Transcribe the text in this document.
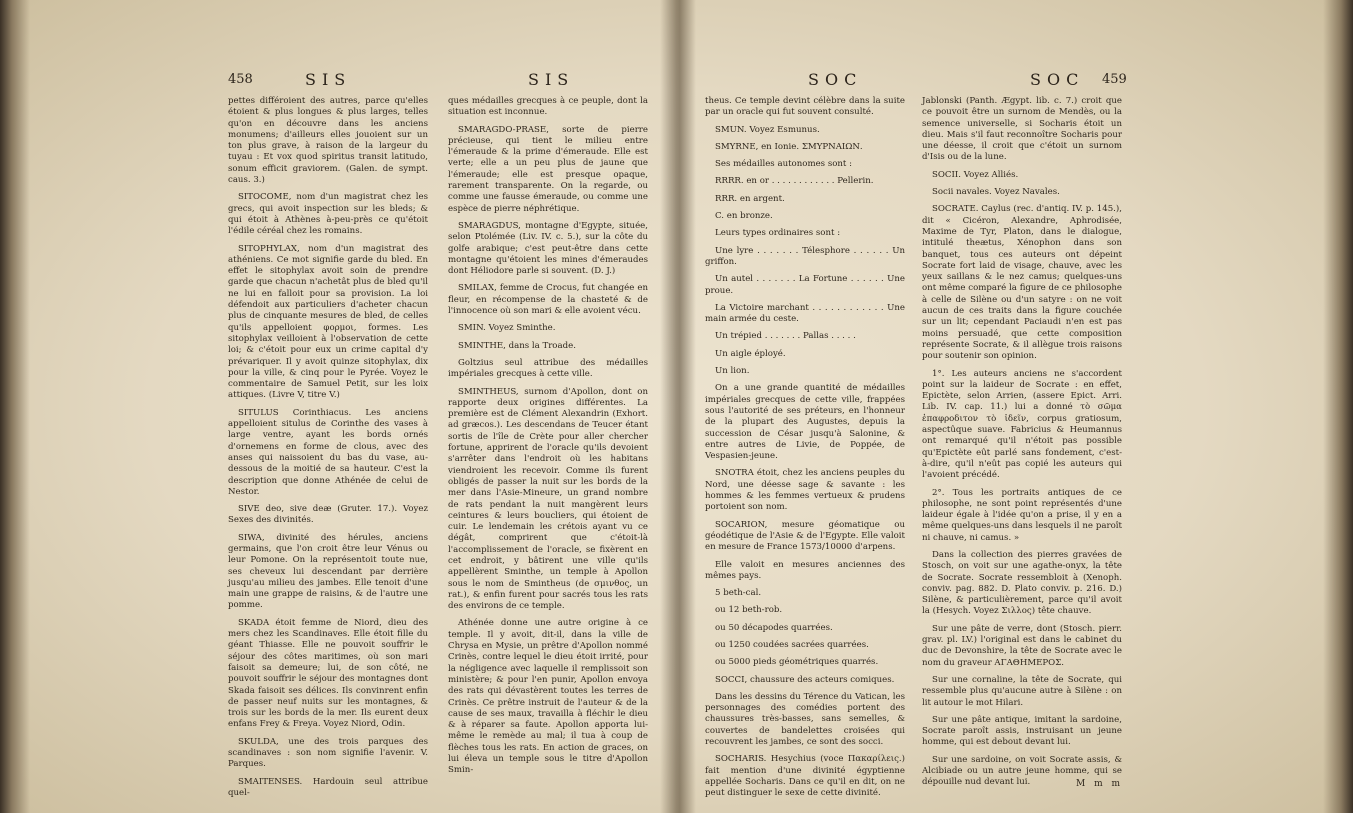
458	SIS	SIS

pettes différoient des autres, parce qu'elles étoient & plus longues & plus larges, telles qu'on en découvre dans les anciens monumens; d'ailleurs elles jouoient sur un ton plus grave, à raison de la largeur du tuyau : Et vox quod spiritus transit latitudo, sonum efficit graviorem. (Galen. de sympt. caus. 3.)

SITOCOME, nom d'un magistrat chez les grecs, qui avoit inspection sur les bleds; & qui étoit à Athènes à-peu-près ce qu'étoit l'édile céréal chez les romains.

SITOPHYLAX, nom d'un magistrat des athéniens. Ce mot signifie garde du bled. En effet le sitophylax avoit soin de prendre garde que chacun n'achetât plus de bled qu'il ne lui en falloit pour sa provision. La loi défendoit aux particuliers d'acheter chacun plus de cinquante mesures de bled, de celles qu'ils appelloient φορμοι, formes. Les sitophylax veilloient à l'observation de cette loi; & c'étoit pour eux un crime capital d'y prévariquer. Il y avoit quinze sitophylax, dix pour la ville, & cinq pour le Pyrée. Voyez le commentaire de Samuel Petit, sur les loix attiques. (Livre V, titre V.)

SITULUS Corinthiacus. Les anciens appelloient situlus de Corinthe des vases à large ventre, ayant les bords ornés d'ornemens en forme de clous, avec des anses qui naissoient du bas du vase, au-dessous de la moitié de sa hauteur. C'est la description que donne Athénée de celui de Nestor.

SIVE deo, sive deæ (Gruter. 17.). Voyez Sexes des divinités.

SIWA, divinité des hérules, anciens germains, que l'on croit être leur Vénus ou leur Pomone. On la représentoit toute nue, ses cheveux lui descendant par derrière jusqu'au milieu des jambes. Elle tenoit d'une main une grappe de raisins, & de l'autre une pomme.

SKADA étoit femme de Niord, dieu des mers chez les Scandinaves. Elle étoit fille du géant Thiasse. Elle ne pouvoit souffrir le séjour des côtes maritimes, où son mari faisoit sa demeure; lui, de son côté, ne pouvoit souffrir le séjour des montagnes dont Skada faisoit ses délices. Ils convinrent enfin de passer neuf nuits sur les montagnes, & trois sur les bords de la mer. Ils eurent deux enfans Frey & Freya. Voyez Niord, Odin.

SKULDA, une des trois parques des scandinaves : son nom signifie l'avenir. V. Parques.

SMAITENSES. Hardouin seul attribue quel-

ques médailles grecques à ce peuple, dont la situation est inconnue.

SMARAGDO-PRASE, sorte de pierre précieuse, qui tient le milieu entre l'émeraude & la prime d'émeraude. Elle est verte; elle a un peu plus de jaune que l'émeraude; elle est presque opaque, rarement transparente. On la regarde, ou comme une fausse émeraude, ou comme une espèce de pierre néphrétique.

SMARAGDUS, montagne d'Egypte, située, selon Ptolémée (Liv. IV. c. 5.), sur la côte du golfe arabique; c'est peut-être dans cette montagne qu'étoient les mines d'émeraudes dont Héliodore parle si souvent. (D. J.)

SMILAX, femme de Crocus, fut changée en fleur, en récompense de la chasteté & de l'innocence où son mari & elle avoient vécu.

SMIN. Voyez Sminthe.

SMINTHE, dans la Troade.

Goltzius seul attribue des médailles impériales grecques à cette ville.

SMINTHEUS, surnom d'Apollon, dont on rapporte deux origines différentes. La première est de Clément Alexandrin (Exhort. ad græcos.). Les descendans de Teucer étant sortis de l'île de Crète pour aller chercher fortune, apprirent de l'oracle qu'ils devoient s'arrêter dans l'endroit où les habitans viendroient les recevoir. Comme ils furent obligés de passer la nuit sur les bords de la mer dans l'Asie-Mineure, un grand nombre de rats pendant la nuit mangèrent leurs ceintures & leurs boucliers, qui étoient de cuir. Le lendemain les crétois ayant vu ce dégât, comprirent que c'étoit-là l'accomplissement de l'oracle, se fixèrent en cet endroit, y bâtirent une ville qu'ils appellèrent Sminthe, un temple à Apollon sous le nom de Smintheus (de σμινθος, un rat.), & enfin furent pour sacrés tous les rats des environs de ce temple.

Athénée donne une autre origine à ce temple. Il y avoit, dit-il, dans la ville de Chrysa en Mysie, un prêtre d'Apollon nommé Crinès, contre lequel le dieu étoit irrité, pour la négligence avec laquelle il remplissoit son ministère; & pour l'en punir, Apollon envoya des rats qui dévastèrent toutes les terres de Crinès. Ce prêtre instruit de l'auteur & de la cause de ses maux, travailla à fléchir le dieu & à réparer sa faute. Apollon apporta lui-même le remède au mal; il tua à coup de flèches tous les rats. En action de graces, on lui éleva un temple sous le titre d'Apollon Smin-

459
SOC	SOC

theus. Ce temple devint célèbre dans la suite par un oracle qui fut souvent consulté.

SMUN. Voyez Esmunus.

SMYRNE, en Ionie. ΣΜΥΡΝΑΙΩΝ.

Ses médailles autonomes sont :

RRRR. en or . . . . . . . . . . . . Pellerin.

RRR. en argent.

C. en bronze.

Leurs types ordinaires sont :

Une lyre . . . . . . . Télesphore . . . . . . Un griffon.

Un autel . . . . . . . La Fortune . . . . . . Une proue.

La Victoire marchant . . . . . . . . . . . . Une main armée du ceste.

Un trépied . . . . . . . Pallas . . . . .

Un aigle éployé.

Un lion.

On a une grande quantité de médailles impériales grecques de cette ville, frappées sous l'autorité de ses préteurs, en l'honneur de la plupart des Augustes, depuis la succession de César jusqu'à Salonine, & entre autres de Livie, de Poppée, de Vespasien-jeune.

SNOTRA étoit, chez les anciens peuples du Nord, une déesse sage & savante : les hommes & les femmes vertueux & prudens portoient son nom.

SOCARION, mesure géomatique ou géodétique de l'Asie & de l'Egypte. Elle valoit en mesure de France 1573/10000 d'arpens.

Elle valoit en mesures anciennes des mêmes pays.

5 beth-cal.

ou 12 beth-rob.

ou 50 décapodes quarrées.

ou 1250 coudées sacrées quarrées.

ou 5000 pieds géométriques quarrés.

SOCCI, chaussure des acteurs comiques.

Dans les dessins du Térence du Vatican, les personnages des comédies portent des chaussures très-basses, sans semelles, & couvertes de bandelettes croisées qui recouvrent les jambes, ce sont des socci.

SOCHARIS. Hesychius (voce Πακαρίλεις.) fait mention d'une divinité égyptienne appellée Socharis. Dans ce qu'il en dit, on ne peut distinguer le sexe de cette divinité.

Jablonski (Panth. Ægypt. lib. c. 7.) croit que ce pouvoit être un surnom de Mendès, ou la semence universelle, si Socharis étoit un dieu. Mais s'il faut reconnoître Socharis pour une déesse, il croit que c'étoit un surnom d'Isis ou de la lune.

SOCII. Voyez Alliés.

Socii navales. Voyez Navales.

SOCRATE. Caylus (rec. d'antiq. IV. p. 145.), dit « Cicéron, Alexandre, Aphrodisée, Maxime de Tyr, Platon, dans le dialogue, intitulé theætus, Xénophon dans son banquet, tous ces auteurs ont dépeint Socrate fort laid de visage, chauve, avec les yeux saillans & le nez camus; quelques-uns ont même comparé la figure de ce philosophe à celle de Silène ou d'un satyre : on ne voit aucun de ces traits dans la figure couchée sur un lit; cependant Paciaudi n'en est pas moins persuadé, que cette composition représente Socrate, & il allègue trois raisons pour soutenir son opinion.

1°. Les auteurs anciens ne s'accordent point sur la laideur de Socrate : en effet, Epictète, selon Arrien, (assere Epict. Arri. Lib. IV. cap. 11.) lui a donné τὸ σῶμα ἐπαφροδιτον τὸ ἰδεῖν, corpus gratiosum, aspectûque suave. Fabricius & Heumannus ont remarqué qu'il n'étoit pas possible qu'Epictète eût parlé sans fondement, c'est-à-dire, qu'il n'eût pas copié les auteurs qui l'avoient précédé.

2°. Tous les portraits antiques de ce philosophe, ne sont point représentés d'une laideur égale à l'idée qu'on a prise, il y en a même quelques-uns dans lesquels il ne paroît ni chauve, ni camus. »

Dans la collection des pierres gravées de Stosch, on voit sur une agathe-onyx, la tête de Socrate. Socrate ressembloit à (Xenoph. conviv. pag. 882. D. Plato conviv. p. 216. D.) Silène, & particulièrement, parce qu'il avoit la (Hesych. Voyez Σιλλος) tête chauve.

Sur une pâte de verre, dont (Stosch. pierr. grav. pl. LV.) l'original est dans le cabinet du duc de Devonshire, la tête de Socrate avec le nom du graveur ΑΓΑΘΗΜΕΡΟΣ.

Sur une cornaline, la tête de Socrate, qui ressemble plus qu'aucune autre à Silène : on lit autour le mot Hilari.

Sur une pâte antique, imitant la sardoine, Socrate paroît assis, instruisant un jeune homme, qui est debout devant lui.

Sur une sardoine, on voit Socrate assis, & Alcibiade ou un autre jeune homme, qui se dépouille nud devant lui.	M m m
